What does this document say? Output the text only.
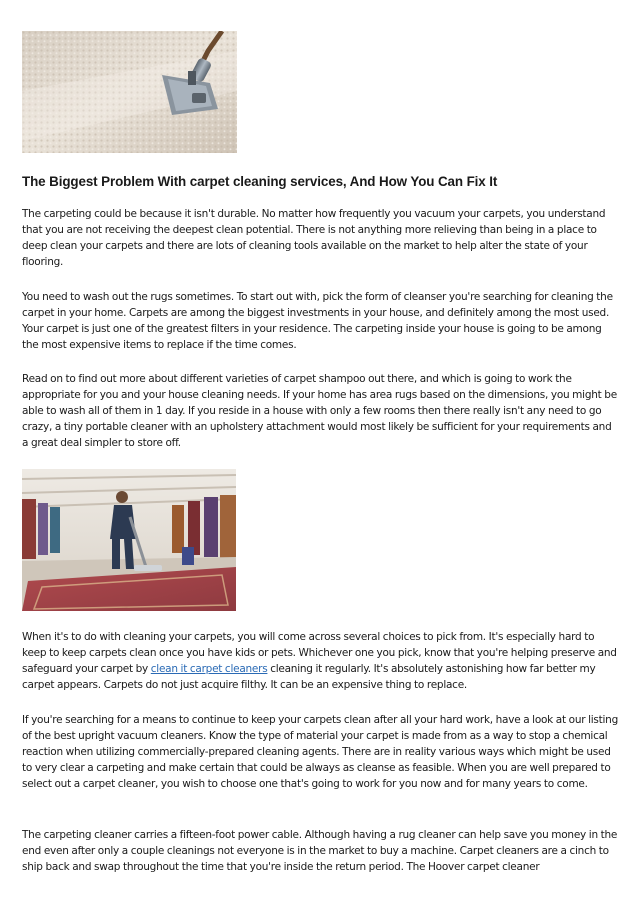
The Biggest Problem With carpet cleaning services, And How You Can Fix It

The carpeting could be because it isn't durable. No matter how frequently you vacuum your carpets, you understand that you are not receiving the deepest clean potential. There is not anything more relieving than being in a place to deep clean your carpets and there are lots of cleaning tools available on the market to help alter the state of your flooring.

You need to wash out the rugs sometimes. To start out with, pick the form of cleanser you're searching for cleaning the carpet in your home. Carpets are among the biggest investments in your house, and definitely among the most used. Your carpet is just one of the greatest filters in your residence. The carpeting inside your house is going to be among the most expensive items to replace if the time comes.

Read on to find out more about different varieties of carpet shampoo out there, and which is going to work the appropriate for you and your house cleaning needs. If your home has area rugs based on the dimensions, you might be able to wash all of them in 1 day. If you reside in a house with only a few rooms then there really isn't any need to go crazy, a tiny portable cleaner with an upholstery attachment would most likely be sufficient for your requirements and a great deal simpler to store off.

When it's to do with cleaning your carpets, you will come across several choices to pick from. It's especially hard to keep to keep carpets clean once you have kids or pets. Whichever one you pick, know that you're helping preserve and safeguard your carpet by clean it carpet cleaners cleaning it regularly. It's absolutely astonishing how far better my carpet appears. Carpets do not just acquire filthy. It can be an expensive thing to replace.

If you're searching for a means to continue to keep your carpets clean after all your hard work, have a look at our listing of the best upright vacuum cleaners. Know the type of material your carpet is made from as a way to stop a chemical reaction when utilizing commercially-prepared cleaning agents. There are in reality various ways which might be used to very clear a carpeting and make certain that could be always as cleanse as feasible. When you are well prepared to select out a carpet cleaner, you wish to choose one that's going to work for you now and for many years to come.

The carpeting cleaner carries a fifteen-foot power cable. Although having a rug cleaner can help save you money in the end even after only a couple cleanings not everyone is in the market to buy a machine. Carpet cleaners are a cinch to ship back and swap throughout the time that you're inside the return period. The Hoover carpet cleaner
